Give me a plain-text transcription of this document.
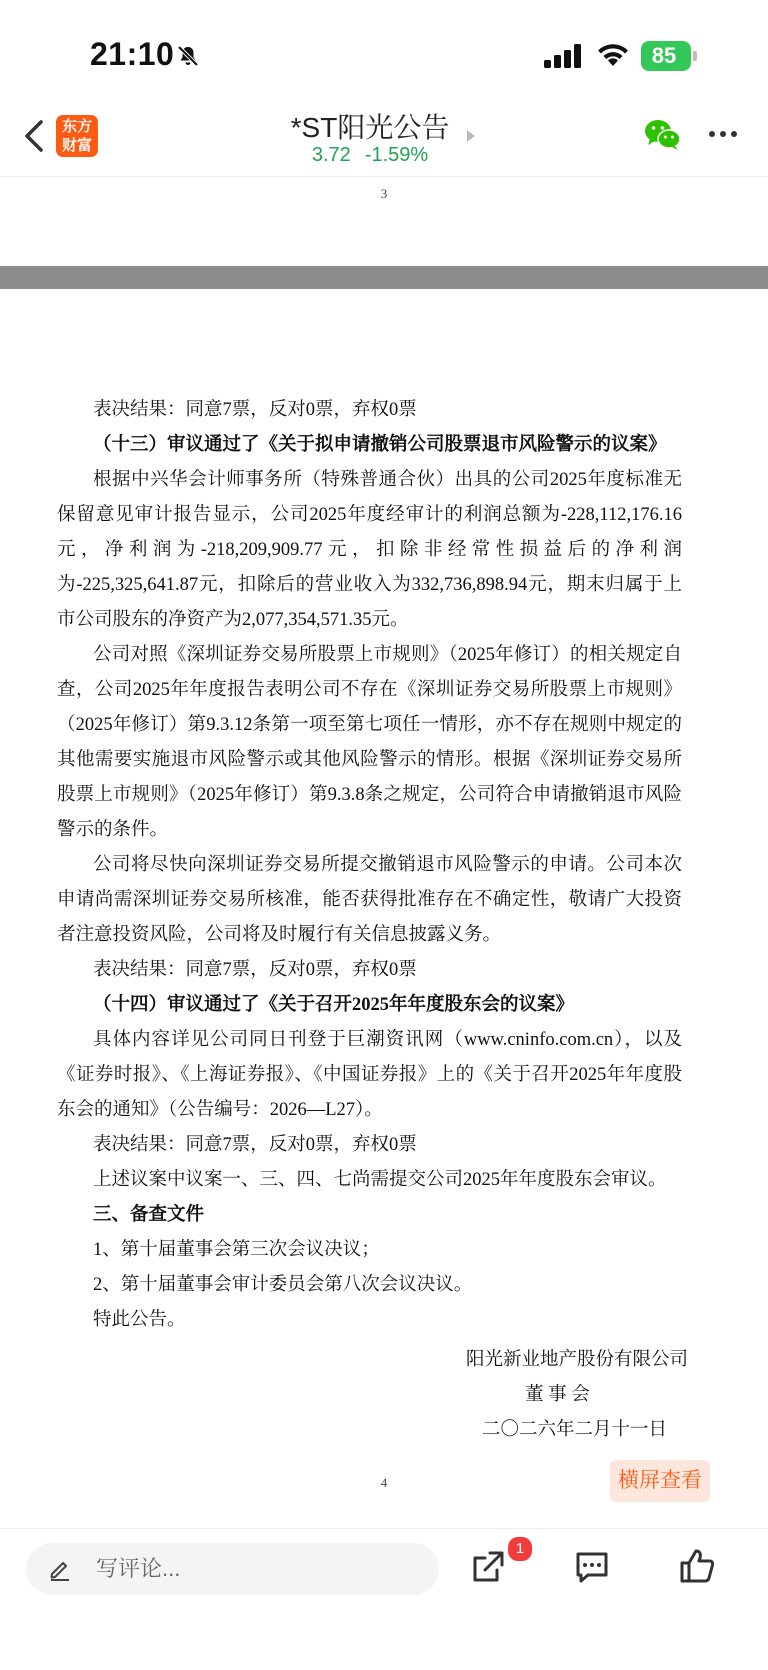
21:10	85
东方
财富
*ST阳光公告
3.72 -1.59%
3

表决结果：同意7票，反对0票，弃权0票

（十三）审议通过了《关于拟申请撤销公司股票退市风险警示的议案》

根据中兴华会计师事务所（特殊普通合伙）出具的公司2025年度标准无保留意见审计报告显示，公司2025年度经审计的利润总额为-228,112,176.16元，净利润为-218,209,909.77元，扣除非经常性损益后的净利润为-225,325,641.87元，扣除后的营业收入为332,736,898.94元，期末归属于上市公司股东的净资产为2,077,354,571.35元。

公司对照《深圳证券交易所股票上市规则》（2025年修订）的相关规定自查，公司2025年年度报告表明公司不存在《深圳证券交易所股票上市规则》（2025年修订）第9.3.12条第一项至第七项任一情形，亦不存在规则中规定的其他需要实施退市风险警示或其他风险警示的情形。根据《深圳证券交易所股票上市规则》（2025年修订）第9.3.8条之规定，公司符合申请撤销退市风险警示的条件。

公司将尽快向深圳证券交易所提交撤销退市风险警示的申请。公司本次申请尚需深圳证券交易所核准，能否获得批准存在不确定性，敬请广大投资者注意投资风险，公司将及时履行有关信息披露义务。

表决结果：同意7票，反对0票，弃权0票

（十四）审议通过了《关于召开2025年年度股东会的议案》

具体内容详见公司同日刊登于巨潮资讯网（www.cninfo.com.cn），以及《证券时报》、《上海证券报》、《中国证券报》上的《关于召开2025年年度股东会的通知》（公告编号：2026—L27）。

表决结果：同意7票，反对0票，弃权0票

上述议案中议案一、三、四、七尚需提交公司2025年年度股东会审议。

三、备查文件

1、第十届董事会第三次会议决议；

2、第十届董事会审计委员会第八次会议决议。

特此公告。

阳光新业地产股份有限公司
董 事 会
二〇二六年二月十一日
4	横屏查看
写评论...
1
